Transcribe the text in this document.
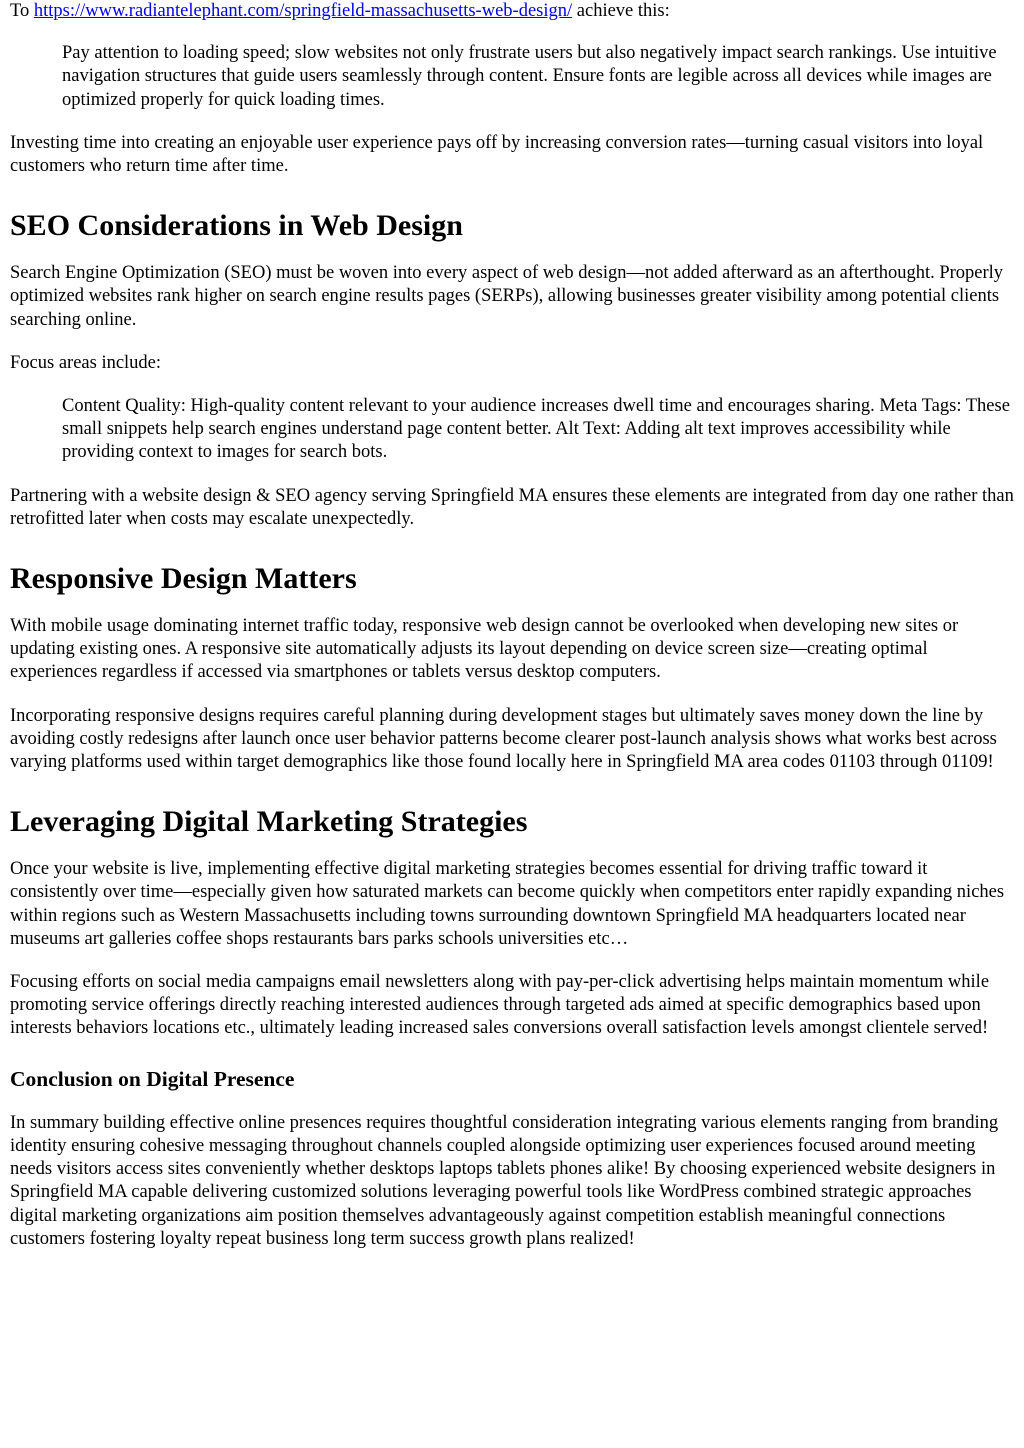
To https://www.radiantelephant.com/springfield-massachusetts-web-design/ achieve this:

Pay attention to loading speed; slow websites not only frustrate users but also negatively impact search rankings. Use intuitive navigation structures that guide users seamlessly through content. Ensure fonts are legible across all devices while images are optimized properly for quick loading times.

Investing time into creating an enjoyable user experience pays off by increasing conversion rates—turning casual visitors into loyal customers who return time after time.

SEO Considerations in Web Design

Search Engine Optimization (SEO) must be woven into every aspect of web design—not added afterward as an afterthought. Properly optimized websites rank higher on search engine results pages (SERPs), allowing businesses greater visibility among potential clients searching online.

Focus areas include:

Content Quality: High-quality content relevant to your audience increases dwell time and encourages sharing. Meta Tags: These small snippets help search engines understand page content better. Alt Text: Adding alt text improves accessibility while providing context to images for search bots.

Partnering with a website design & SEO agency serving Springfield MA ensures these elements are integrated from day one rather than retrofitted later when costs may escalate unexpectedly.

Responsive Design Matters

With mobile usage dominating internet traffic today, responsive web design cannot be overlooked when developing new sites or updating existing ones. A responsive site automatically adjusts its layout depending on device screen size—creating optimal experiences regardless if accessed via smartphones or tablets versus desktop computers.

Incorporating responsive designs requires careful planning during development stages but ultimately saves money down the line by avoiding costly redesigns after launch once user behavior patterns become clearer post-launch analysis shows what works best across varying platforms used within target demographics like those found locally here in Springfield MA area codes 01103 through 01109!

Leveraging Digital Marketing Strategies

Once your website is live, implementing effective digital marketing strategies becomes essential for driving traffic toward it consistently over time—especially given how saturated markets can become quickly when competitors enter rapidly expanding niches within regions such as Western Massachusetts including towns surrounding downtown Springfield MA headquarters located near museums art galleries coffee shops restaurants bars parks schools universities etc…

Focusing efforts on social media campaigns email newsletters along with pay-per-click advertising helps maintain momentum while promoting service offerings directly reaching interested audiences through targeted ads aimed at specific demographics based upon interests behaviors locations etc., ultimately leading increased sales conversions overall satisfaction levels amongst clientele served!

Conclusion on Digital Presence

In summary building effective online presences requires thoughtful consideration integrating various elements ranging from branding identity ensuring cohesive messaging throughout channels coupled alongside optimizing user experiences focused around meeting needs visitors access sites conveniently whether desktops laptops tablets phones alike! By choosing experienced website designers in Springfield MA capable delivering customized solutions leveraging powerful tools like WordPress combined strategic approaches digital marketing organizations aim position themselves advantageously against competition establish meaningful connections customers fostering loyalty repeat business long term success growth plans realized!
